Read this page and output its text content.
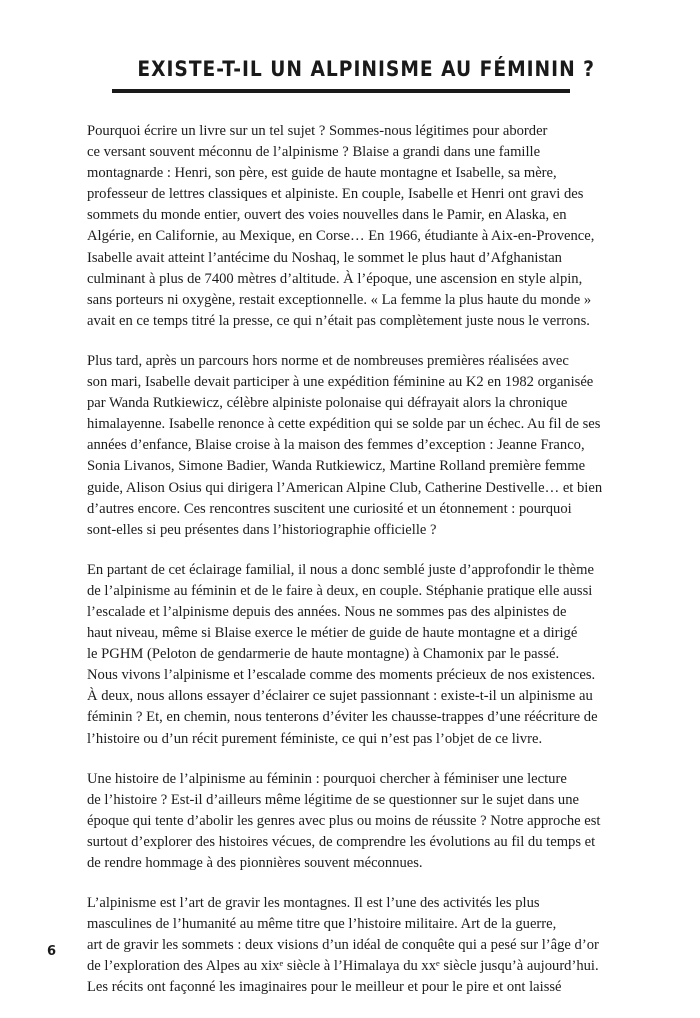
EXISTE-T-IL UN ALPINISME AU FÉMININ ?

Pourquoi écrire un livre sur un tel sujet ? Sommes-nous légitimes pour aborder
ce versant souvent méconnu de l’alpinisme ? Blaise a grandi dans une famille
montagnarde : Henri, son père, est guide de haute montagne et Isabelle, sa mère,
professeur de lettres classiques et alpiniste. En couple, Isabelle et Henri ont gravi des
sommets du monde entier, ouvert des voies nouvelles dans le Pamir, en Alaska, en
Algérie, en Californie, au Mexique, en Corse… En 1966, étudiante à Aix-en-Provence,
Isabelle avait atteint l’antécime du Noshaq, le sommet le plus haut d’Afghanistan
culminant à plus de 7400 mètres d’altitude. À l’époque, une ascension en style alpin,
sans porteurs ni oxygène, restait exceptionnelle. « La femme la plus haute du monde »
avait en ce temps titré la presse, ce qui n’était pas complètement juste nous le verrons.

Plus tard, après un parcours hors norme et de nombreuses premières réalisées avec
son mari, Isabelle devait participer à une expédition féminine au K2 en 1982 organisée
par Wanda Rutkiewicz, célèbre alpiniste polonaise qui défrayait alors la chronique
himalayenne. Isabelle renonce à cette expédition qui se solde par un échec. Au fil de ses
années d’enfance, Blaise croise à la maison des femmes d’exception : Jeanne Franco,
Sonia Livanos, Simone Badier, Wanda Rutkiewicz, Martine Rolland première femme
guide, Alison Osius qui dirigera l’American Alpine Club, Catherine Destivelle… et bien
d’autres encore. Ces rencontres suscitent une curiosité et un étonnement : pourquoi
sont-elles si peu présentes dans l’historiographie officielle ?

En partant de cet éclairage familial, il nous a donc semblé juste d’approfondir le thème
de l’alpinisme au féminin et de le faire à deux, en couple. Stéphanie pratique elle aussi
l’escalade et l’alpinisme depuis des années. Nous ne sommes pas des alpinistes de
haut niveau, même si Blaise exerce le métier de guide de haute montagne et a dirigé
le PGHM (Peloton de gendarmerie de haute montagne) à Chamonix par le passé.
Nous vivons l’alpinisme et l’escalade comme des moments précieux de nos existences.
À deux, nous allons essayer d’éclairer ce sujet passionnant : existe-t-il un alpinisme au
féminin ? Et, en chemin, nous tenterons d’éviter les chausse-trappes d’une réécriture de
l’histoire ou d’un récit purement féministe, ce qui n’est pas l’objet de ce livre.

Une histoire de l’alpinisme au féminin : pourquoi chercher à féminiser une lecture
de l’histoire ? Est-il d’ailleurs même légitime de se questionner sur le sujet dans une
époque qui tente d’abolir les genres avec plus ou moins de réussite ? Notre approche est
surtout d’explorer des histoires vécues, de comprendre les évolutions au fil du temps et
de rendre hommage à des pionnières souvent méconnues.

L’alpinisme est l’art de gravir les montagnes. Il est l’une des activités les plus
masculines de l’humanité au même titre que l’histoire militaire. Art de la guerre,
art de gravir les sommets : deux visions d’un idéal de conquête qui a pesé sur l’âge d’or
de l’exploration des Alpes au xixᵉ siècle à l’Himalaya du xxᵉ siècle jusqu’à aujourd’hui.
Les récits ont façonné les imaginaires pour le meilleur et pour le pire et ont laissé

6
